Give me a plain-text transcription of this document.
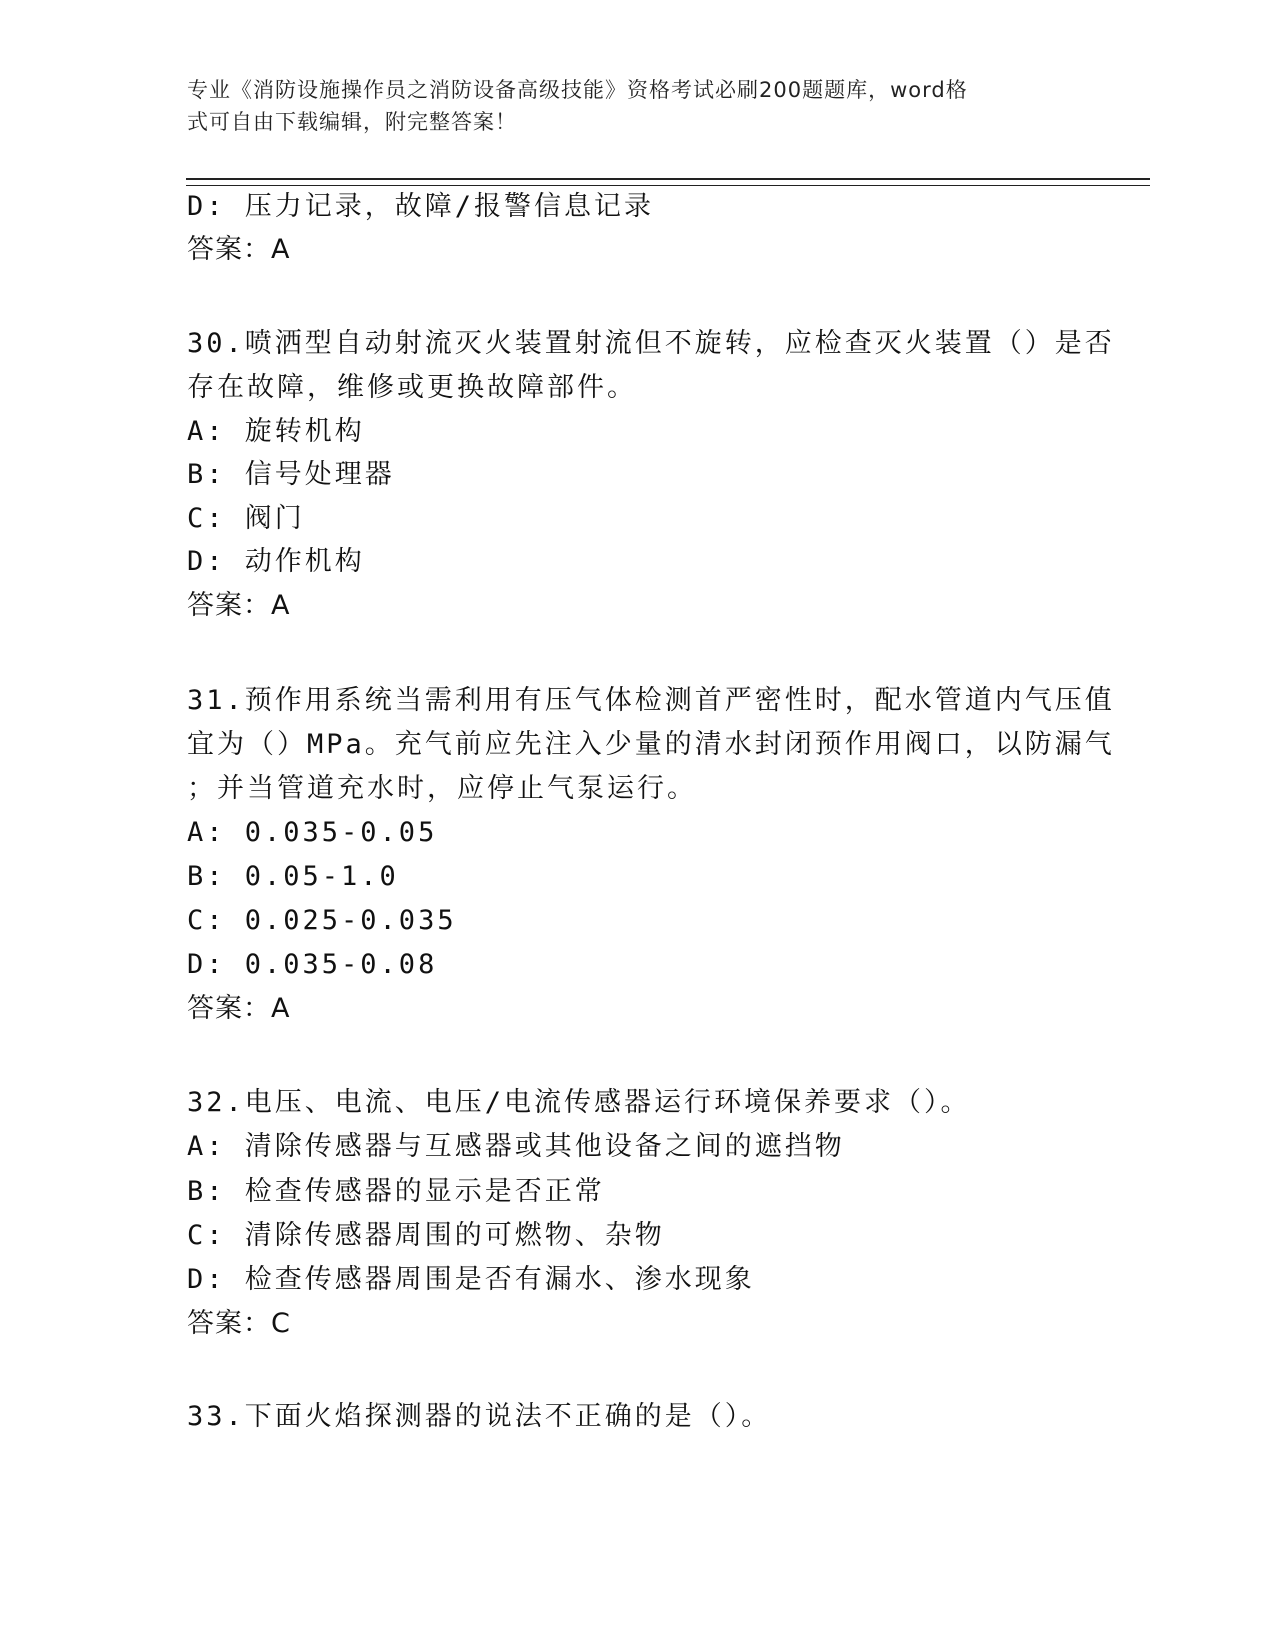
专业《消防设施操作员之消防设备高级技能》资格考试必刷200题题库，word格
式可自由下载编辑，附完整答案！
D: 压力记录，故障/报警信息记录
答案：A
30.喷洒型自动射流灭火装置射流但不旋转，应检查灭火装置（）是否
存在故障，维修或更换故障部件。
A: 旋转机构
B: 信号处理器
C: 阀门
D: 动作机构
答案：A
31.预作用系统当需利用有压气体检测首严密性时，配水管道内气压值
宜为（）MPa。充气前应先注入少量的清水封闭预作用阀口，以防漏气
；并当管道充水时，应停止气泵运行。
A: 0.035-0.05
B: 0.05-1.0
C: 0.025-0.035
D: 0.035-0.08
答案：A
32.电压、电流、电压/电流传感器运行环境保养要求（）。
A: 清除传感器与互感器或其他设备之间的遮挡物
B: 检查传感器的显示是否正常
C: 清除传感器周围的可燃物、杂物
D: 检查传感器周围是否有漏水、渗水现象
答案：C
33.下面火焰探测器的说法不正确的是（）。
